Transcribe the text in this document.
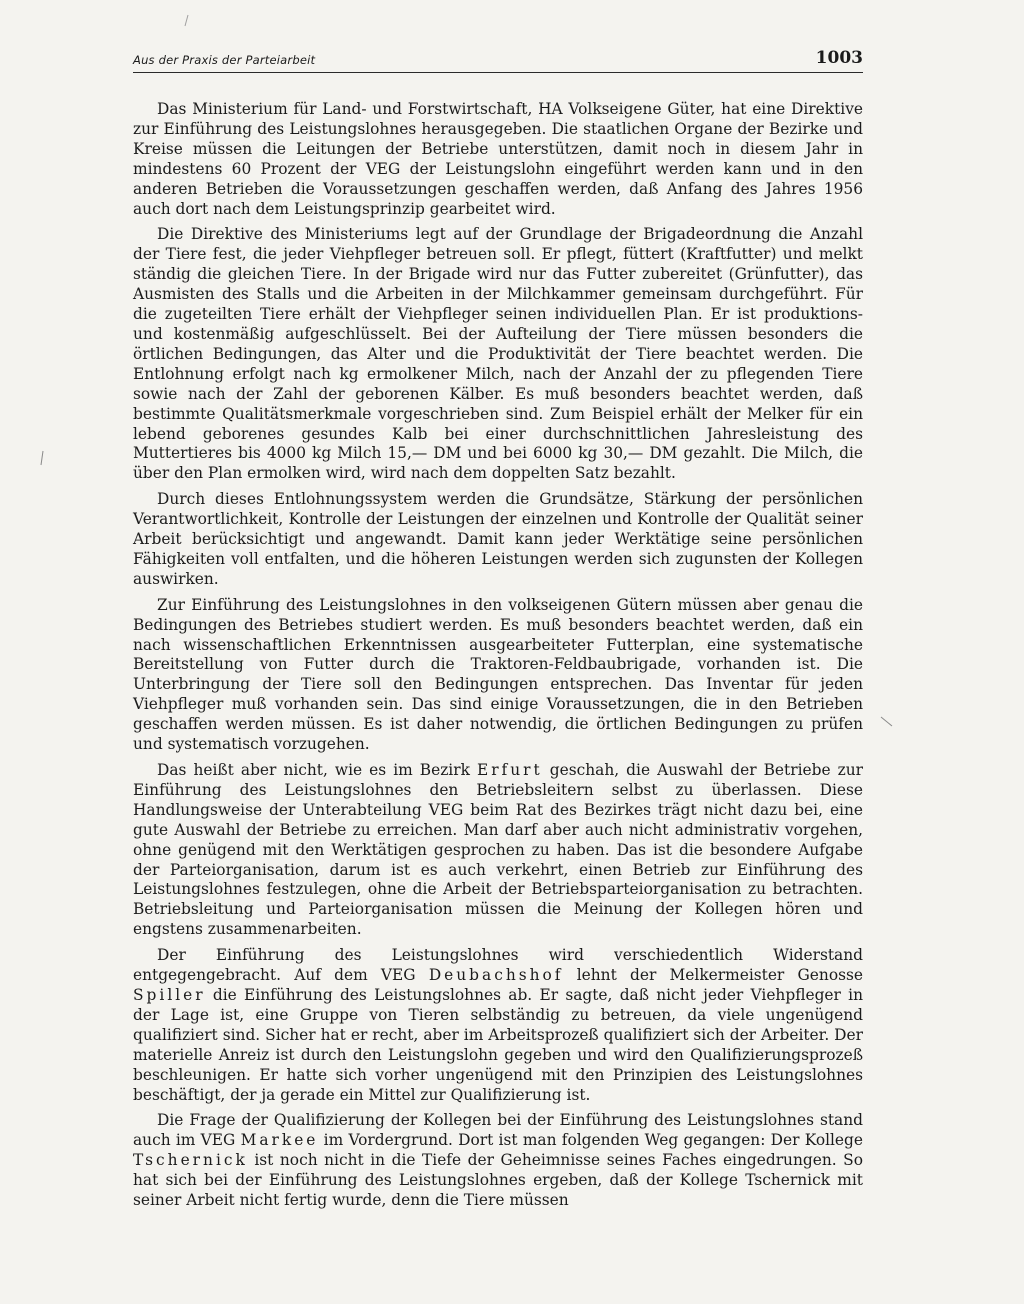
Aus der Praxis der Parteiarbeit	1003

Das Ministerium für Land- und Forstwirtschaft, HA Volkseigene Güter, hat eine Direktive zur Einführung des Leistungslohnes herausgegeben. Die staatlichen Organe der Bezirke und Kreise müssen die Leitungen der Betriebe unterstützen, damit noch in diesem Jahr in mindestens 60 Prozent der VEG der Leistungslohn eingeführt werden kann und in den anderen Betrieben die Voraussetzungen geschaffen werden, daß Anfang des Jahres 1956 auch dort nach dem Leistungsprinzip gearbeitet wird.

Die Direktive des Ministeriums legt auf der Grundlage der Brigadeordnung die Anzahl der Tiere fest, die jeder Viehpfleger betreuen soll. Er pflegt, füttert (Kraftfutter) und melkt ständig die gleichen Tiere. In der Brigade wird nur das Futter zubereitet (Grünfutter), das Ausmisten des Stalls und die Arbeiten in der Milchkammer gemeinsam durchgeführt. Für die zugeteilten Tiere erhält der Viehpfleger seinen individuellen Plan. Er ist produktions- und kostenmäßig aufgeschlüsselt. Bei der Aufteilung der Tiere müssen besonders die örtlichen Bedingungen, das Alter und die Produktivität der Tiere beachtet werden. Die Entlohnung erfolgt nach kg ermolkener Milch, nach der Anzahl der zu pflegenden Tiere sowie nach der Zahl der geborenen Kälber. Es muß besonders beachtet werden, daß bestimmte Qualitätsmerkmale vorgeschrieben sind. Zum Beispiel erhält der Melker für ein lebend geborenes gesundes Kalb bei einer durchschnittlichen Jahresleistung des Muttertieres bis 4000 kg Milch 15,— DM und bei 6000 kg 30,— DM gezahlt. Die Milch, die über den Plan ermolken wird, wird nach dem doppelten Satz bezahlt.

Durch dieses Entlohnungssystem werden die Grundsätze, Stärkung der persönlichen Verantwortlichkeit, Kontrolle der Leistungen der einzelnen und Kontrolle der Qualität seiner Arbeit berücksichtigt und angewandt. Damit kann jeder Werktätige seine persönlichen Fähigkeiten voll entfalten, und die höheren Leistungen werden sich zugunsten der Kollegen auswirken.

Zur Einführung des Leistungslohnes in den volkseigenen Gütern müssen aber genau die Bedingungen des Betriebes studiert werden. Es muß besonders beachtet werden, daß ein nach wissenschaftlichen Erkenntnissen ausgearbeiteter Futterplan, eine systematische Bereitstellung von Futter durch die Traktoren-Feldbaubrigade, vorhanden ist. Die Unterbringung der Tiere soll den Bedingungen entsprechen. Das Inventar für jeden Viehpfleger muß vorhanden sein. Das sind einige Voraussetzungen, die in den Betrieben geschaffen werden müssen. Es ist daher notwendig, die örtlichen Bedingungen zu prüfen und systematisch vorzugehen.

Das heißt aber nicht, wie es im Bezirk Erfurt geschah, die Auswahl der Betriebe zur Einführung des Leistungslohnes den Betriebsleitern selbst zu überlassen. Diese Handlungsweise der Unterabteilung VEG beim Rat des Bezirkes trägt nicht dazu bei, eine gute Auswahl der Betriebe zu erreichen. Man darf aber auch nicht administrativ vorgehen, ohne genügend mit den Werktätigen gesprochen zu haben. Das ist die besondere Aufgabe der Parteiorganisation, darum ist es auch verkehrt, einen Betrieb zur Einführung des Leistungslohnes festzulegen, ohne die Arbeit der Betriebsparteiorganisation zu betrachten. Betriebsleitung und Parteiorganisation müssen die Meinung der Kollegen hören und engstens zusammenarbeiten.

Der Einführung des Leistungslohnes wird verschiedentlich Widerstand entgegengebracht. Auf dem VEG Deubachshof lehnt der Melkermeister Genosse Spiller die Einführung des Leistungslohnes ab. Er sagte, daß nicht jeder Viehpfleger in der Lage ist, eine Gruppe von Tieren selbständig zu betreuen, da viele ungenügend qualifiziert sind. Sicher hat er recht, aber im Arbeitsprozeß qualifiziert sich der Arbeiter. Der materielle Anreiz ist durch den Leistungslohn gegeben und wird den Qualifizierungsprozeß beschleunigen. Er hatte sich vorher ungenügend mit den Prinzipien des Leistungslohnes beschäftigt, der ja gerade ein Mittel zur Qualifizierung ist.

Die Frage der Qualifizierung der Kollegen bei der Einführung des Leistungslohnes stand auch im VEG Markee im Vordergrund. Dort ist man folgenden Weg gegangen: Der Kollege Tschernick ist noch nicht in die Tiefe der Geheimnisse seines Faches eingedrungen. So hat sich bei der Einführung des Leistungslohnes ergeben, daß der Kollege Tschernick mit seiner Arbeit nicht fertig wurde, denn die Tiere müssen
